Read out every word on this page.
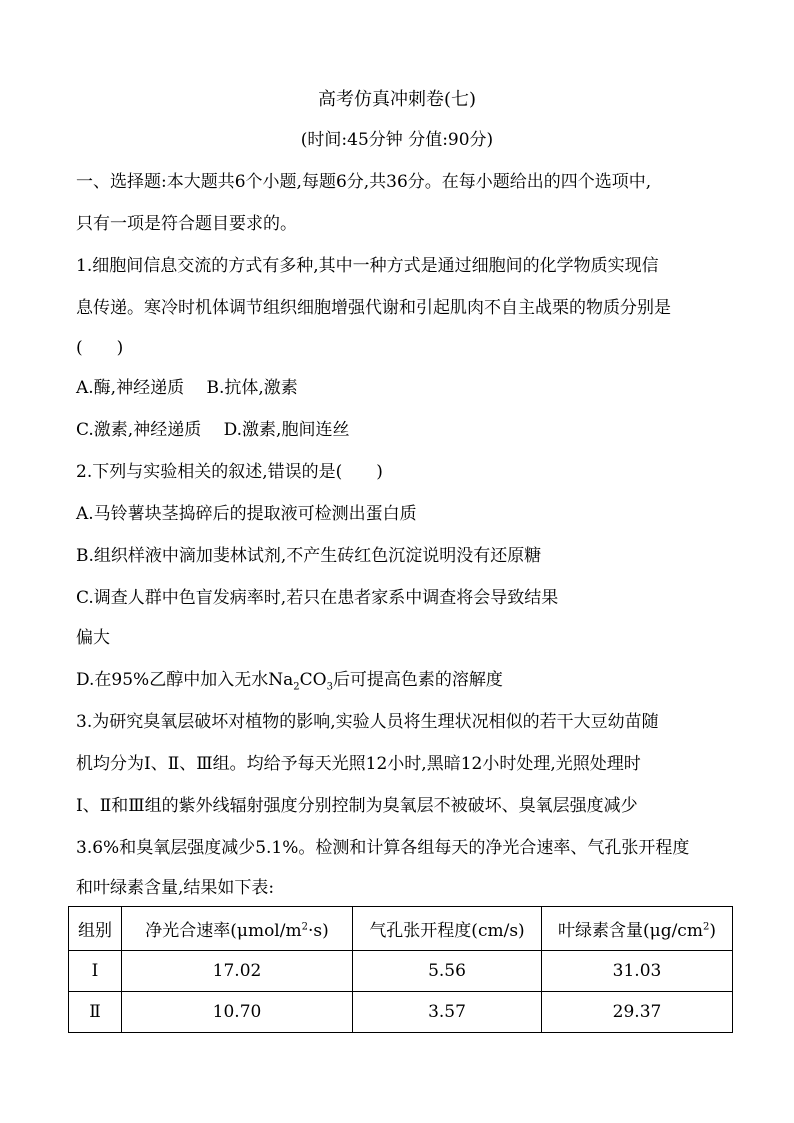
高考仿真冲刺卷(七)
(时间:45分钟 分值:90分)
一、选择题:本大题共6个小题,每题6分,共36分。在每小题给出的四个选项中,
只有一项是符合题目要求的。
1.细胞间信息交流的方式有多种,其中一种方式是通过细胞间的化学物质实现信
息传递。寒冷时机体调节组织细胞增强代谢和引起肌肉不自主战栗的物质分别是
(　　)
A.酶,神经递质　 B.抗体,激素
C.激素,神经递质　 D.激素,胞间连丝
2.下列与实验相关的叙述,错误的是(　　)
A.马铃薯块茎捣碎后的提取液可检测出蛋白质
B.组织样液中滴加斐林试剂,不产生砖红色沉淀说明没有还原糖
C.调查人群中色盲发病率时,若只在患者家系中调查将会导致结果
偏大
D.在95%乙醇中加入无水$Na_2CO_3$后可提高色素的溶解度
3.为研究臭氧层破坏对植物的影响,实验人员将生理状况相似的若干大豆幼苗随
机均分为Ⅰ、Ⅱ、Ⅲ组。均给予每天光照12小时,黑暗12小时处理,光照处理时
Ⅰ、Ⅱ和Ⅲ组的紫外线辐射强度分别控制为臭氧层不被破坏、臭氧层强度减少
3.6%和臭氧层强度减少5.1%。检测和计算各组每天的净光合速率、气孔张开程度
和叶绿素含量,结果如下表:
组别	净光合速率$(\mu mol/m^2\cdot s)$	气孔张开程度(cm/s)	叶绿素含量$(\mu g/cm^2)$
Ⅰ	17.02	5.56	31.03
Ⅱ	10.70	3.57	29.37
